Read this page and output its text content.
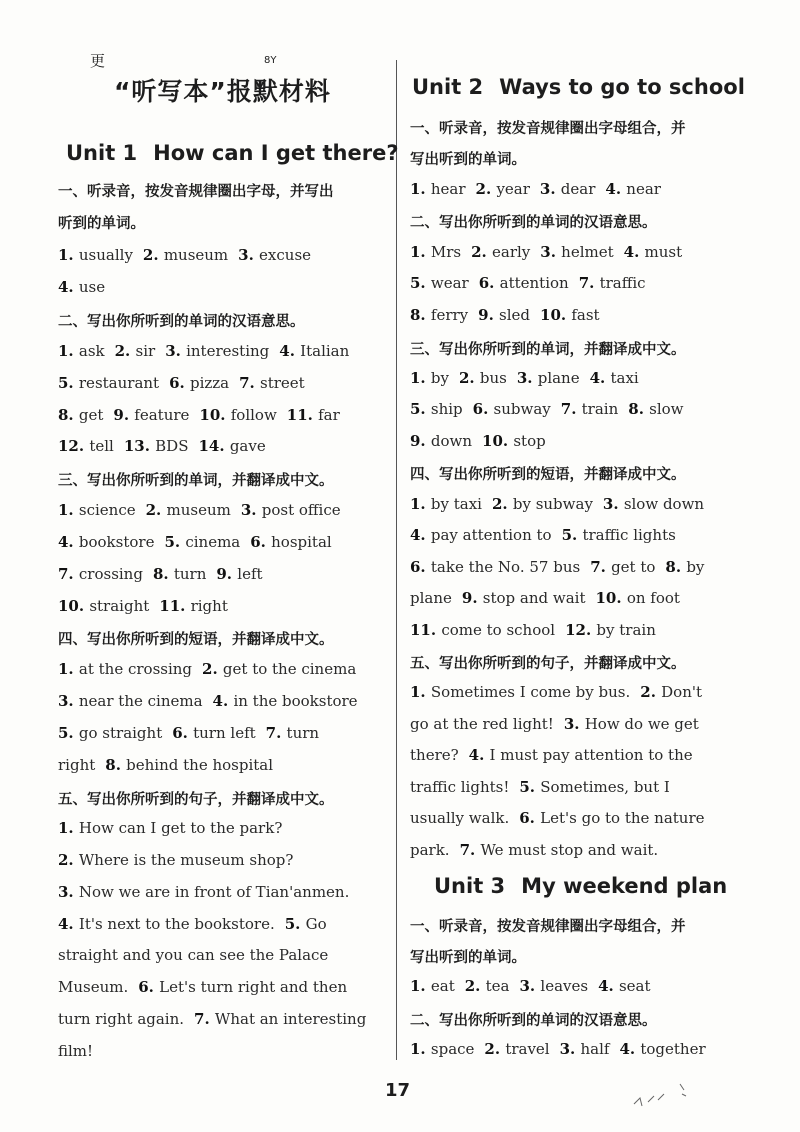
更	8Y
“听写本”报默材料
Unit 1 How can I get there?
一、听录音，按发音规律圈出字母，并写出
听到的单词。
1. usually 2. museum 3. excuse
4. use
二、写出你所听到的单词的汉语意思。
1. ask 2. sir 3. interesting 4. Italian
5. restaurant 6. pizza 7. street
8. get 9. feature 10. follow 11. far
12. tell 13. BDS 14. gave
三、写出你所听到的单词，并翻译成中文。
1. science 2. museum 3. post office
4. bookstore 5. cinema 6. hospital
7. crossing 8. turn 9. left
10. straight 11. right
四、写出你所听到的短语，并翻译成中文。
1. at the crossing 2. get to the cinema
3. near the cinema 4. in the bookstore
5. go straight 6. turn left 7. turn
right 8. behind the hospital
五、写出你所听到的句子，并翻译成中文。
1. How can I get to the park?
2. Where is the museum shop?
3. Now we are in front of Tian'anmen.
4. It's next to the bookstore. 5. Go
straight and you can see the Palace
Museum. 6. Let's turn right and then
turn right again. 7. What an interesting
film!
Unit 2 Ways to go to school
一、听录音，按发音规律圈出字母组合，并
写出听到的单词。
1. hear 2. year 3. dear 4. near
二、写出你所听到的单词的汉语意思。
1. Mrs 2. early 3. helmet 4. must
5. wear 6. attention 7. traffic
8. ferry 9. sled 10. fast
三、写出你所听到的单词，并翻译成中文。
1. by 2. bus 3. plane 4. taxi
5. ship 6. subway 7. train 8. slow
9. down 10. stop
四、写出你所听到的短语，并翻译成中文。
1. by taxi 2. by subway 3. slow down
4. pay attention to 5. traffic lights
6. take the No. 57 bus 7. get to 8. by
plane 9. stop and wait 10. on foot
11. come to school 12. by train
五、写出你所听到的句子，并翻译成中文。
1. Sometimes I come by bus. 2. Don't
go at the red light! 3. How do we get
there? 4. I must pay attention to the
traffic lights! 5. Sometimes, but I
usually walk. 6. Let's go to the nature
park. 7. We must stop and wait.
Unit 3 My weekend plan
一、听录音，按发音规律圈出字母组合，并
写出听到的单词。
1. eat 2. tea 3. leaves 4. seat
二、写出你所听到的单词的汉语意思。
1. space 2. travel 3. half 4. together
17
